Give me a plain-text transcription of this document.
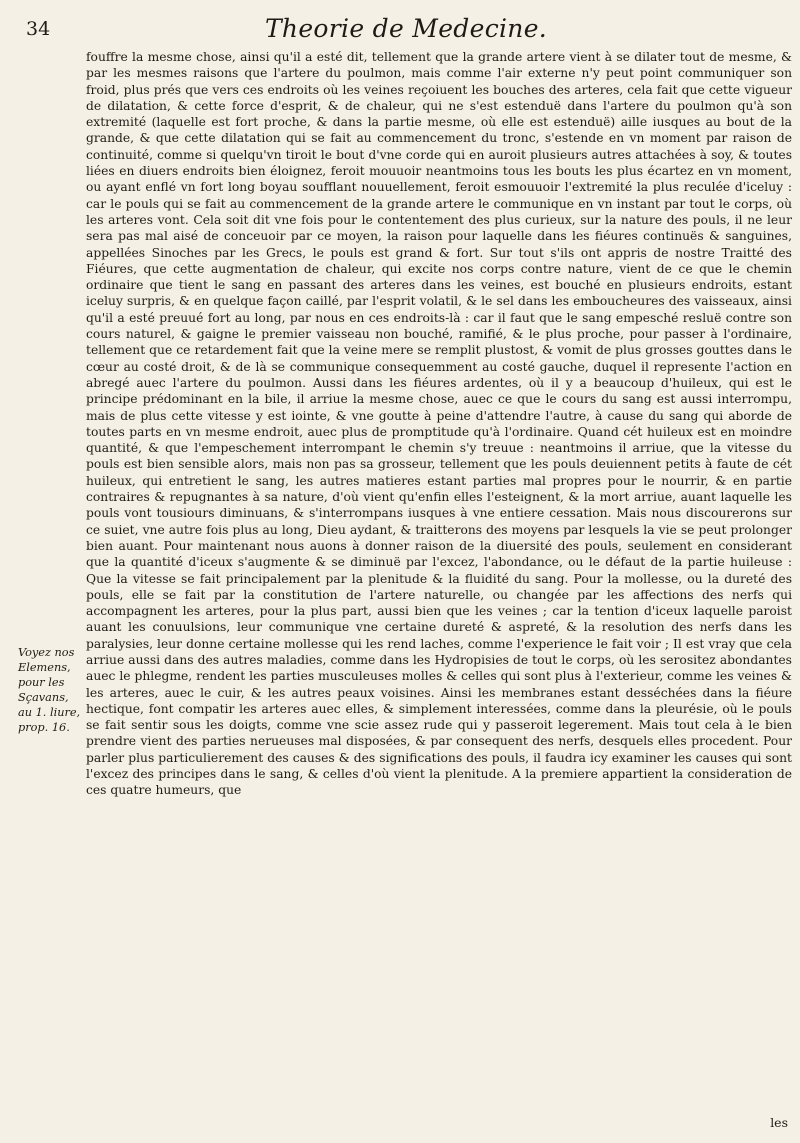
34	Theorie de Medecine.
Voyez nos Elemens, pour les Sçavans, au 1. liure, prop. 16.

fouffre la mesme chose, ainsi qu'il a esté dit, tellement que la grande artere vient à se dilater tout de mesme, & par les mesmes raisons que l'artere du poulmon, mais comme l'air externe n'y peut point communiquer son froid, plus prés que vers ces endroits où les veines reçoiuent les bouches des arteres, cela fait que cette vigueur de dilatation, & cette force d'esprit, & de chaleur, qui ne s'est estenduë dans l'artere du poulmon qu'à son extremité (laquelle est fort proche, & dans la partie mesme, où elle est estenduë) aille iusques au bout de la grande, & que cette dilatation qui se fait au commencement du tronc, s'estende en vn moment par raison de continuité, comme si quelqu'vn tiroit le bout d'vne corde qui en auroit plusieurs autres attachées à soy, & toutes liées en diuers endroits bien éloignez, feroit mouuoir neantmoins tous les bouts les plus écartez en vn moment, ou ayant enflé vn fort long boyau soufflant nouuellement, feroit esmouuoir l'extremité la plus reculée d'iceluy : car le pouls qui se fait au commencement de la grande artere le communique en vn instant par tout le corps, où les arteres vont. Cela soit dit vne fois pour le contentement des plus curieux, sur la nature des pouls, il ne leur sera pas mal aisé de conceuoir par ce moyen, la raison pour laquelle dans les fiéures continuës & sanguines, appellées Sinoches par les Grecs, le pouls est grand & fort. Sur tout s'ils ont appris de nostre Traitté des Fiéures, que cette augmentation de chaleur, qui excite nos corps contre nature, vient de ce que le chemin ordinaire que tient le sang en passant des arteres dans les veines, est bouché en plusieurs endroits, estant iceluy surpris, & en quelque façon caillé, par l'esprit volatil, & le sel dans les emboucheures des vaisseaux, ainsi qu'il a esté preuué fort au long, par nous en ces endroits-là : car il faut que le sang empesché resluë contre son cours naturel, & gaigne le premier vaisseau non bouché, ramifié, & le plus proche, pour passer à l'ordinaire, tellement que ce retardement fait que la veine mere se remplit plustost, & vomit de plus grosses gouttes dans le cœur au costé droit, & de là se communique consequemment au costé gauche, duquel il represente l'action en abregé auec l'artere du poulmon. Aussi dans les fiéures ardentes, où il y a beaucoup d'huileux, qui est le principe prédominant en la bile, il arriue la mesme chose, auec ce que le cours du sang est aussi interrompu, mais de plus cette vitesse y est iointe, & vne goutte à peine d'attendre l'autre, à cause du sang qui aborde de toutes parts en vn mesme endroit, auec plus de promptitude qu'à l'ordinaire. Quand cét huileux est en moindre quantité, & que l'empeschement interrompant le chemin s'y treuue : neantmoins il arriue, que la vitesse du pouls est bien sensible alors, mais non pas sa grosseur, tellement que les pouls deuiennent petits à faute de cét huileux, qui entretient le sang, les autres matieres estant parties mal propres pour le nourrir, & en partie contraires & repugnantes à sa nature, d'où vient qu'enfin elles l'esteignent, & la mort arriue, auant laquelle les pouls vont tousiours diminuans, & s'interrompans iusques à vne entiere cessation. Mais nous discourerons sur ce suiet, vne autre fois plus au long, Dieu aydant, & traitterons des moyens par lesquels la vie se peut prolonger bien auant. Pour maintenant nous auons à donner raison de la diuersité des pouls, seulement en considerant que la quantité d'iceux s'augmente & se diminuë par l'excez, l'abondance, ou le défaut de la partie huileuse : Que la vitesse se fait principalement par la plenitude & la fluidité du sang. Pour la mollesse, ou la dureté des pouls, elle se fait par la constitution de l'artere naturelle, ou changée par les affections des nerfs qui accompagnent les arteres, pour la plus part, aussi bien que les veines ; car la tention d'iceux laquelle paroist auant les conuulsions, leur communique vne certaine dureté & aspreté, & la resolution des nerfs dans les paralysies, leur donne certaine mollesse qui les rend laches, comme l'experience le fait voir ; Il est vray que cela arriue aussi dans des autres maladies, comme dans les Hydropisies de tout le corps, où les serositez abondantes auec le phlegme, rendent les parties musculeuses molles & celles qui sont plus à l'exterieur, comme les veines & les arteres, auec le cuir, & les autres peaux voisines. Ainsi les membranes estant desséchées dans la fiéure hectique, font compatir les arteres auec elles, & simplement interessées, comme dans la pleurésie, où le pouls se fait sentir sous les doigts, comme vne scie assez rude qui y passeroit legerement. Mais tout cela à le bien prendre vient des parties nerueuses mal disposées, & par consequent des nerfs, desquels elles procedent. Pour parler plus particulierement des causes & des significations des pouls, il faudra icy examiner les causes qui sont l'excez des principes dans le sang, & celles d'où vient la plenitude. A la premiere appartient la consideration de ces quatre humeurs, que

les
